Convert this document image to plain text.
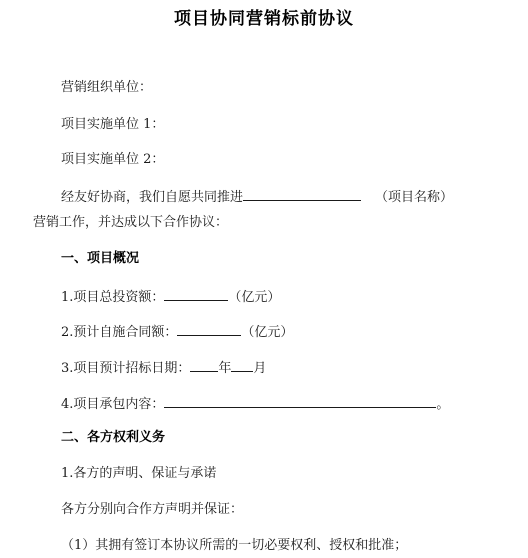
项目协同营销标前协议
营销组织单位：
项目实施单位 1：
项目实施单位 2：
经友好协商，我们自愿共同推进	（项目名称）
营销工作，并达成以下合作协议：
一、项目概况
1.项目总投资额：	（亿元）
2.预计自施合同额：	（亿元）
3.项目预计招标日期： 年 月
4.项目承包内容：	。
二、各方权利义务
1.各方的声明、保证与承诺
各方分别向合作方声明并保证：
（1）其拥有签订本协议所需的一切必要权利、授权和批准；
